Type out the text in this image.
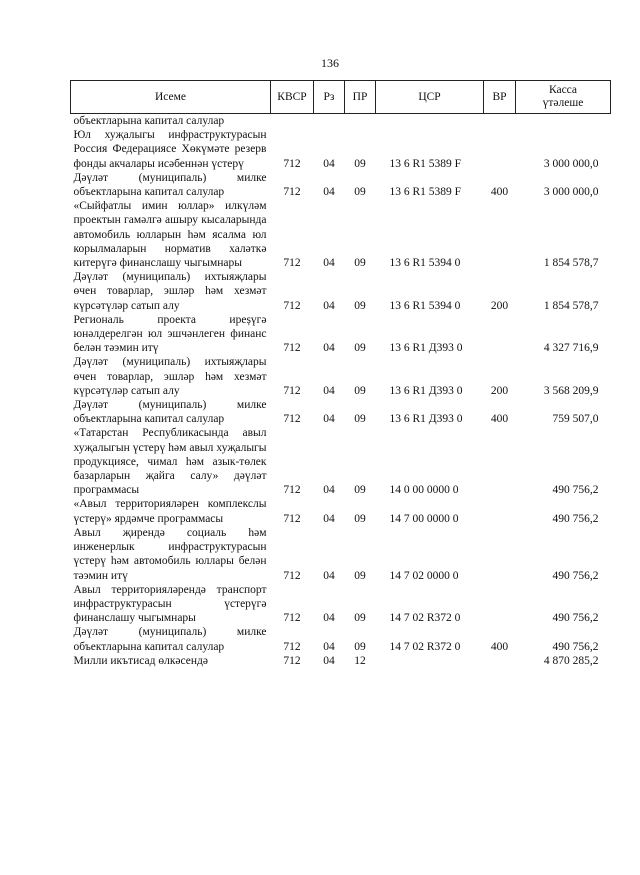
136
Исеме	КВСР	Рз	ПР	ЦСР	ВР	Касса
үтәлеше

объектларына капитал салулар						
Юл хуҗалыгы инфраструктурасын Россия Федерациясе Хөкүмәте резерв фонды акчалары исәбеннән үстерү	712	04	09	13 6 R1 5389 F		3 000 000,0
Дәүләт (муниципаль) милке объектларына капитал салулар	712	04	09	13 6 R1 5389 F	400	3 000 000,0
«Сыйфатлы имин юллар» илкүләм проектын гамәлгә ашыру кысаларында автомобиль юлларын һәм ясалма юл корылмаларын норматив халәткә китерүгә финанслашу чыгымнары	712	04	09	13 6 R1 5394 0		1 854 578,7
Дәүләт (муниципаль) ихтыяҗлары өчен товарлар, эшләр һәм хезмәт күрсәтүләр сатып алу	712	04	09	13 6 R1 5394 0	200	1 854 578,7
Региональ проекта иреșүгә юнәлдерелгән юл эшчәнлеген финанс белән тәэмин итү	712	04	09	13 6 R1 Д393 0		4 327 716,9
Дәүләт (муниципаль) ихтыяҗлары өчен товарлар, эшләр һәм хезмәт күрсәтүләр сатып алу	712	04	09	13 6 R1 Д393 0	200	3 568 209,9
Дәүләт (муниципаль) милке объектларына капитал салулар	712	04	09	13 6 R1 Д393 0	400	759 507,0
«Татарстан Республикасында авыл хуҗалыгын үстерү һәм авыл хуҗалыгы продукциясе, чимал һәм азык-төлек базарларын җайга салу» дәүләт программасы	712	04	09	14 0 00 0000 0		490 756,2
«Авыл территорияләрен комплекслы үстерү» ярдәмче программасы	712	04	09	14 7 00 0000 0		490 756,2
Авыл җирендә социаль һәм инженерлык инфраструктурасын үстерү һәм автомобиль юллары белән тәэмин итү	712	04	09	14 7 02 0000 0		490 756,2
Авыл территорияләрендә транспорт инфраструктурасын үстерүгә финанслашу чыгымнары	712	04	09	14 7 02 R372 0		490 756,2
Дәүләт (муниципаль) милке объектларына капитал салулар	712	04	09	14 7 02 R372 0	400	490 756,2
Милли икътисад өлкәсендә	712	04	12			4 870 285,2
